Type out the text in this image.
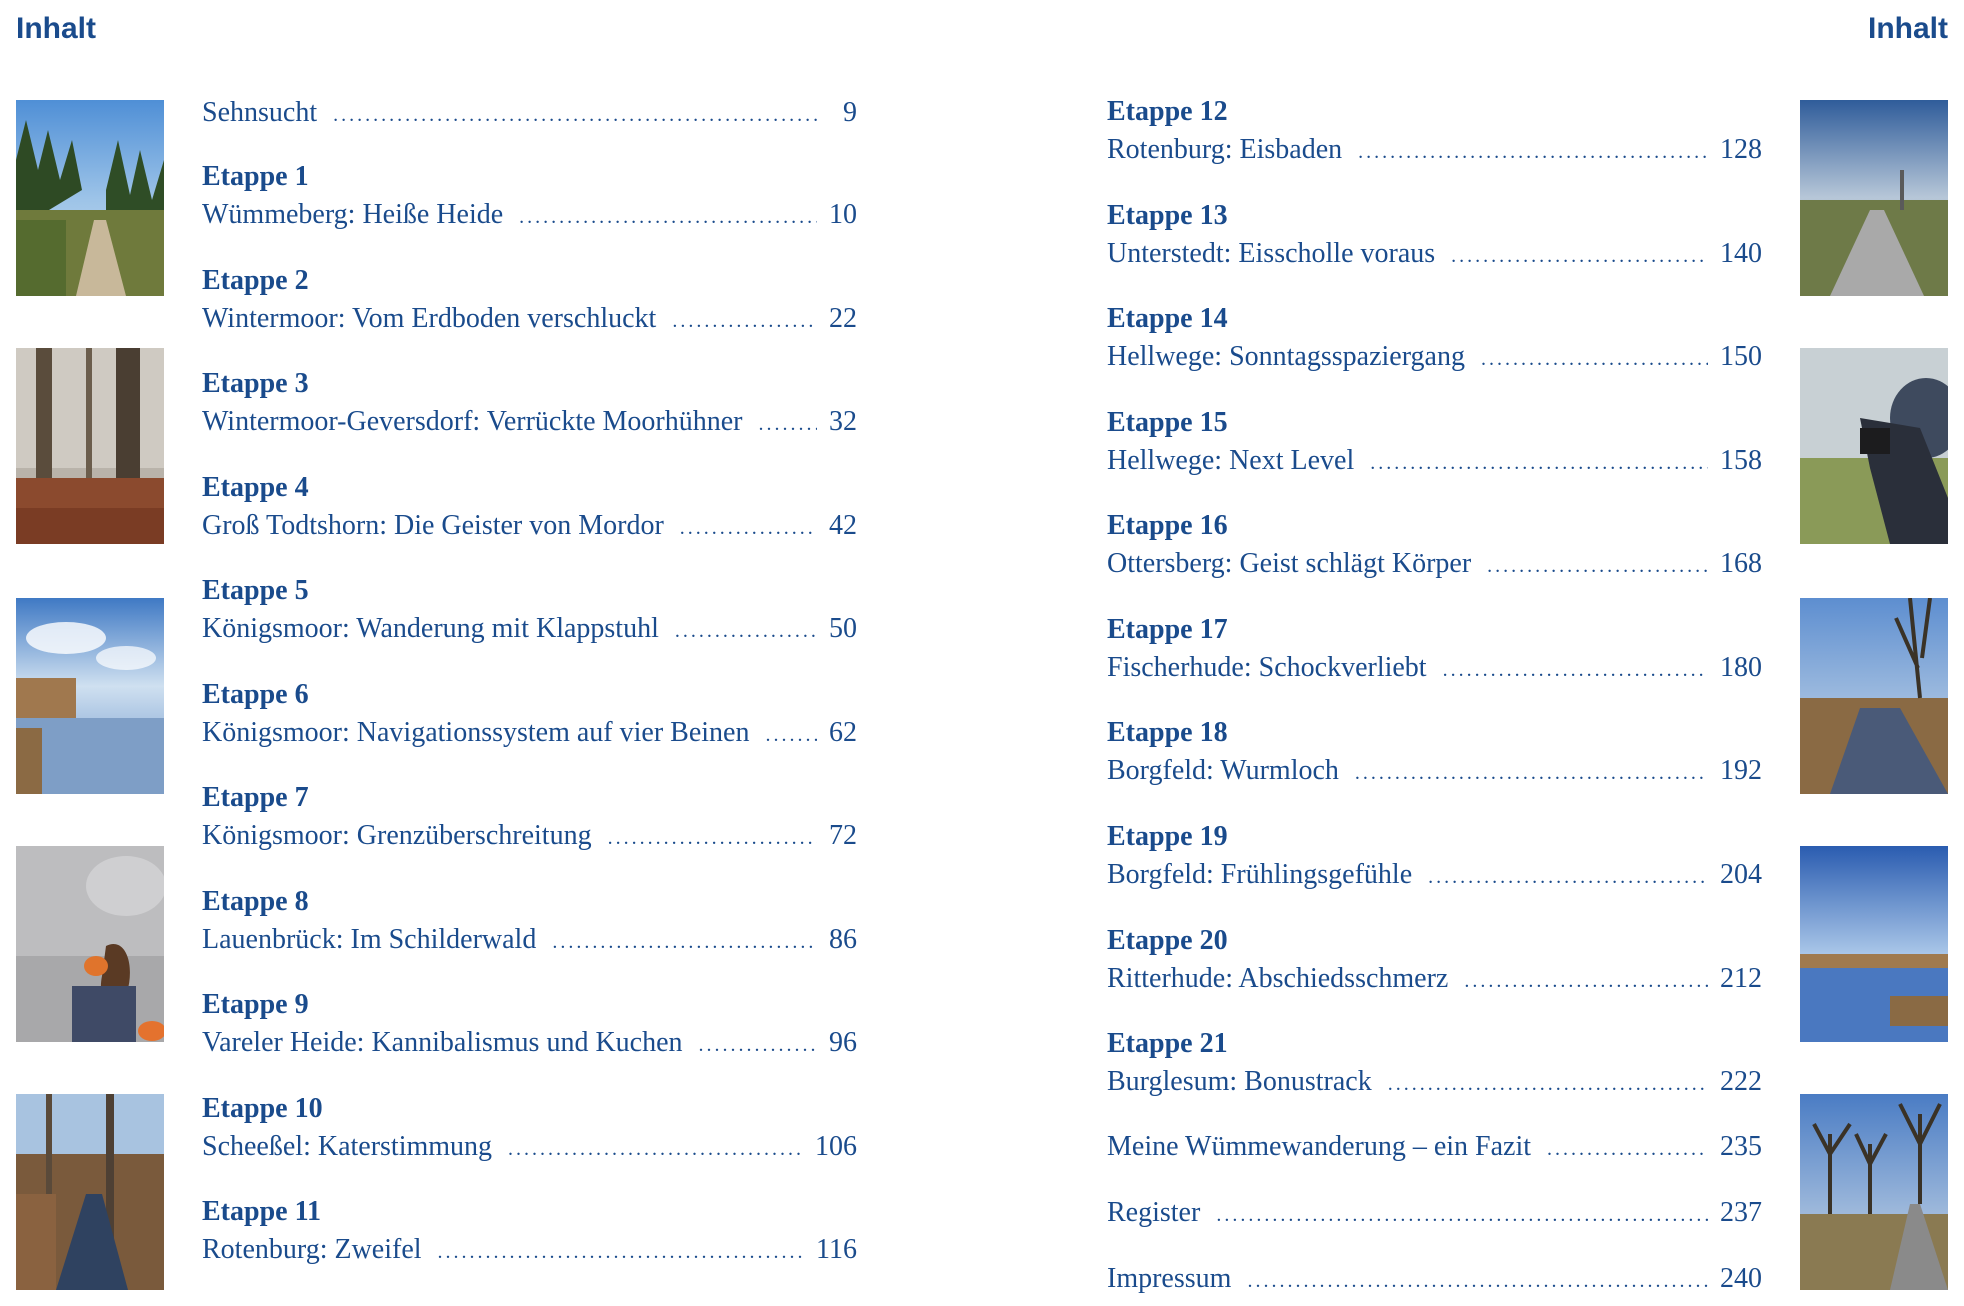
Inhalt	Inhalt
Sehnsucht .....	9
Etappe 1
Wümmeberg: Heiße Heide .....	10
Etappe 2
Wintermoor: Vom Erdboden verschluckt .....	22
Etappe 3
Wintermoor-Geversdorf: Verrückte Moorhühner .....	32
Etappe 4
Groß Todtshorn: Die Geister von Mordor .....	42
Etappe 5
Königsmoor: Wanderung mit Klappstuhl .....	50
Etappe 6
Königsmoor: Navigationssystem auf vier Beinen .....	62
Etappe 7
Königsmoor: Grenzüberschreitung .....	72
Etappe 8
Lauenbrück: Im Schilderwald .....	86
Etappe 9
Vareler Heide: Kannibalismus und Kuchen .....	96
Etappe 10
Scheeßel: Katerstimmung .....	106
Etappe 11
Rotenburg: Zweifel .....	116
Etappe 12
Rotenburg: Eisbaden .....	128
Etappe 13
Unterstedt: Eisscholle voraus .....	140
Etappe 14
Hellwege: Sonntagsspaziergang .....	150
Etappe 15
Hellwege: Next Level .....	158
Etappe 16
Ottersberg: Geist schlägt Körper .....	168
Etappe 17
Fischerhude: Schockverliebt .....	180
Etappe 18
Borgfeld: Wurmloch .....	192
Etappe 19
Borgfeld: Frühlingsgefühle .....	204
Etappe 20
Ritterhude: Abschiedsschmerz .....	212
Etappe 21
Burglesum: Bonustrack .....	222
Meine Wümmewanderung – ein Fazit .....	235
Register .....	237
Impressum .....	240
